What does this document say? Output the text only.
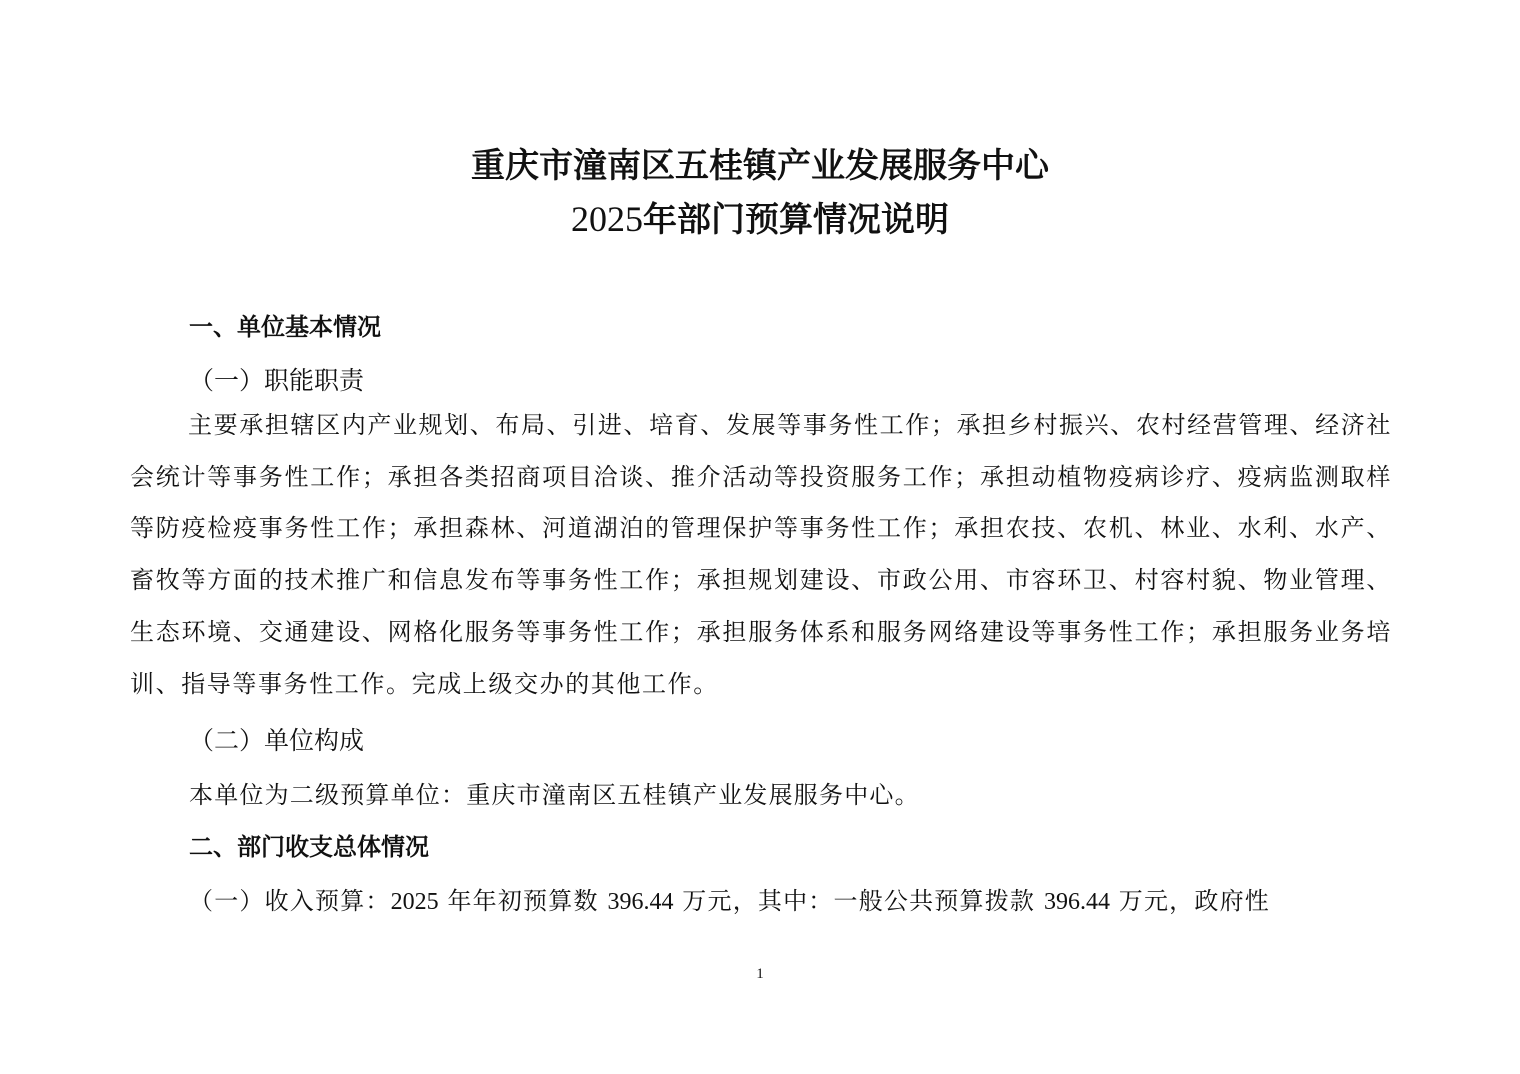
重庆市潼南区五桂镇产业发展服务中心
2025年部门预算情况说明
一、单位基本情况
（一）职能职责
主要承担辖区内产业规划、布局、引进、培育、发展等事务性工作；承担乡村振兴、农村经营管理、经济社会统计等事务性工作；承担各类招商项目洽谈、推介活动等投资服务工作；承担动植物疫病诊疗、疫病监测取样等防疫检疫事务性工作；承担森林、河道湖泊的管理保护等事务性工作；承担农技、农机、林业、水利、水产、畜牧等方面的技术推广和信息发布等事务性工作；承担规划建设、市政公用、市容环卫、村容村貌、物业管理、生态环境、交通建设、网格化服务等事务性工作；承担服务体系和服务网络建设等事务性工作；承担服务业务培训、指导等事务性工作。完成上级交办的其他工作。
（二）单位构成
本单位为二级预算单位：重庆市潼南区五桂镇产业发展服务中心。
二、部门收支总体情况
（一）收入预算：2025 年年初预算数 396.44 万元，其中：一般公共预算拨款 396.44 万元，政府性
1
